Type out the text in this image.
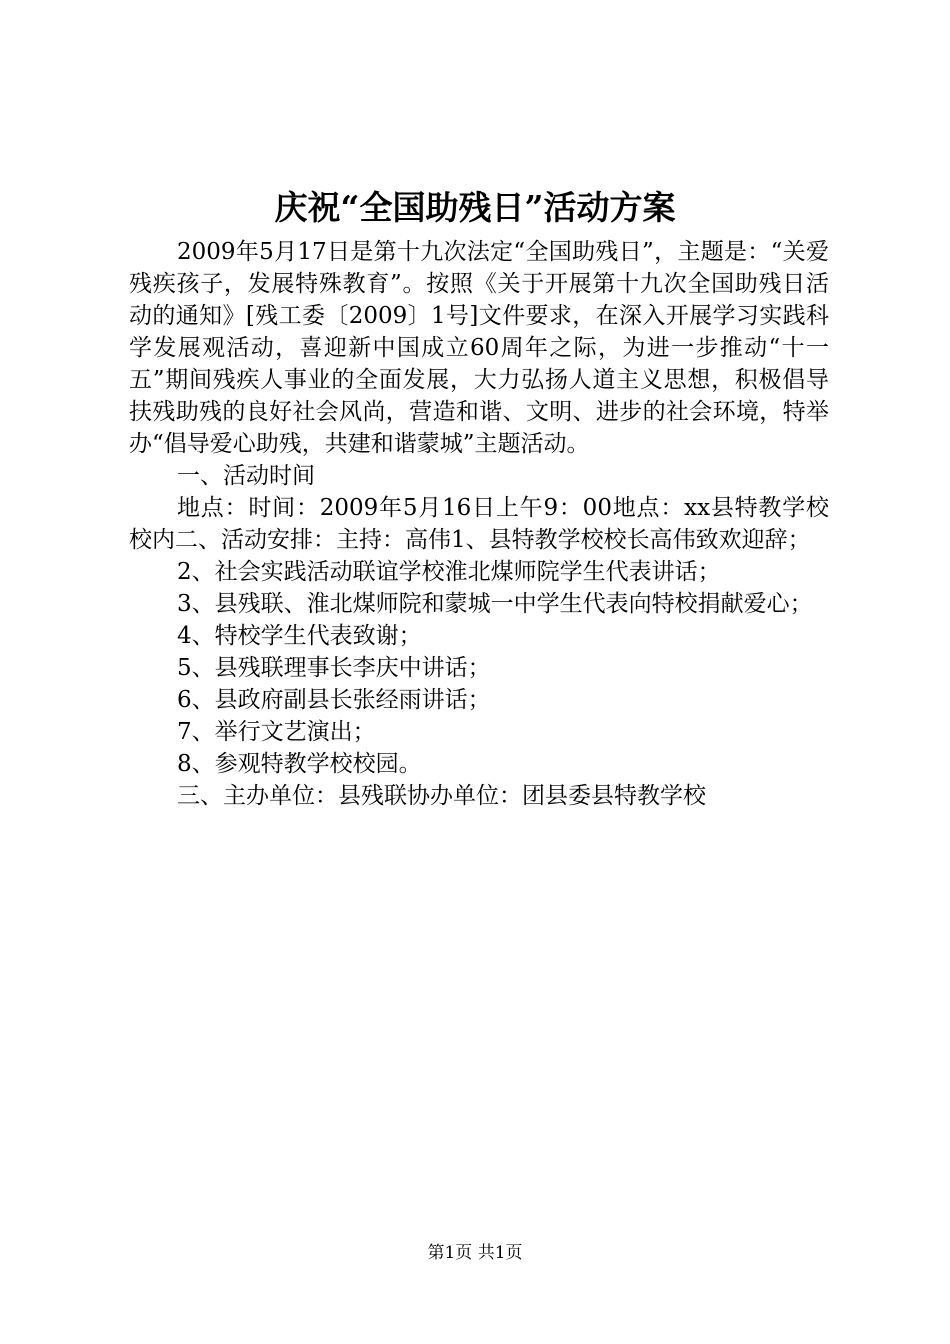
庆祝“全国助残日”活动方案

2009年5月17日是第十九次法定“全国助残日”，主题是：“关爱残疾孩子，发展特殊教育”。按照《关于开展第十九次全国助残日活动的通知》[残工委〔2009〕1号]文件要求，在深入开展学习实践科学发展观活动，喜迎新中国成立60周年之际，为进一步推动“十一五”期间残疾人事业的全面发展，大力弘扬人道主义思想，积极倡导扶残助残的良好社会风尚，营造和谐、文明、进步的社会环境，特举办“倡导爱心助残，共建和谐蒙城”主题活动。

一、活动时间

地点：时间：2009年5月16日上午9：00地点：xx县特教学校校内二、活动安排：主持：高伟1、县特教学校校长高伟致欢迎辞；

2、社会实践活动联谊学校淮北煤师院学生代表讲话；

3、县残联、淮北煤师院和蒙城一中学生代表向特校捐献爱心；

4、特校学生代表致谢；

5、县残联理事长李庆中讲话；

6、县政府副县长张经雨讲话；

7、举行文艺演出；

8、参观特教学校校园。

三、主办单位：县残联协办单位：团县委县特教学校

第1页 共1页
